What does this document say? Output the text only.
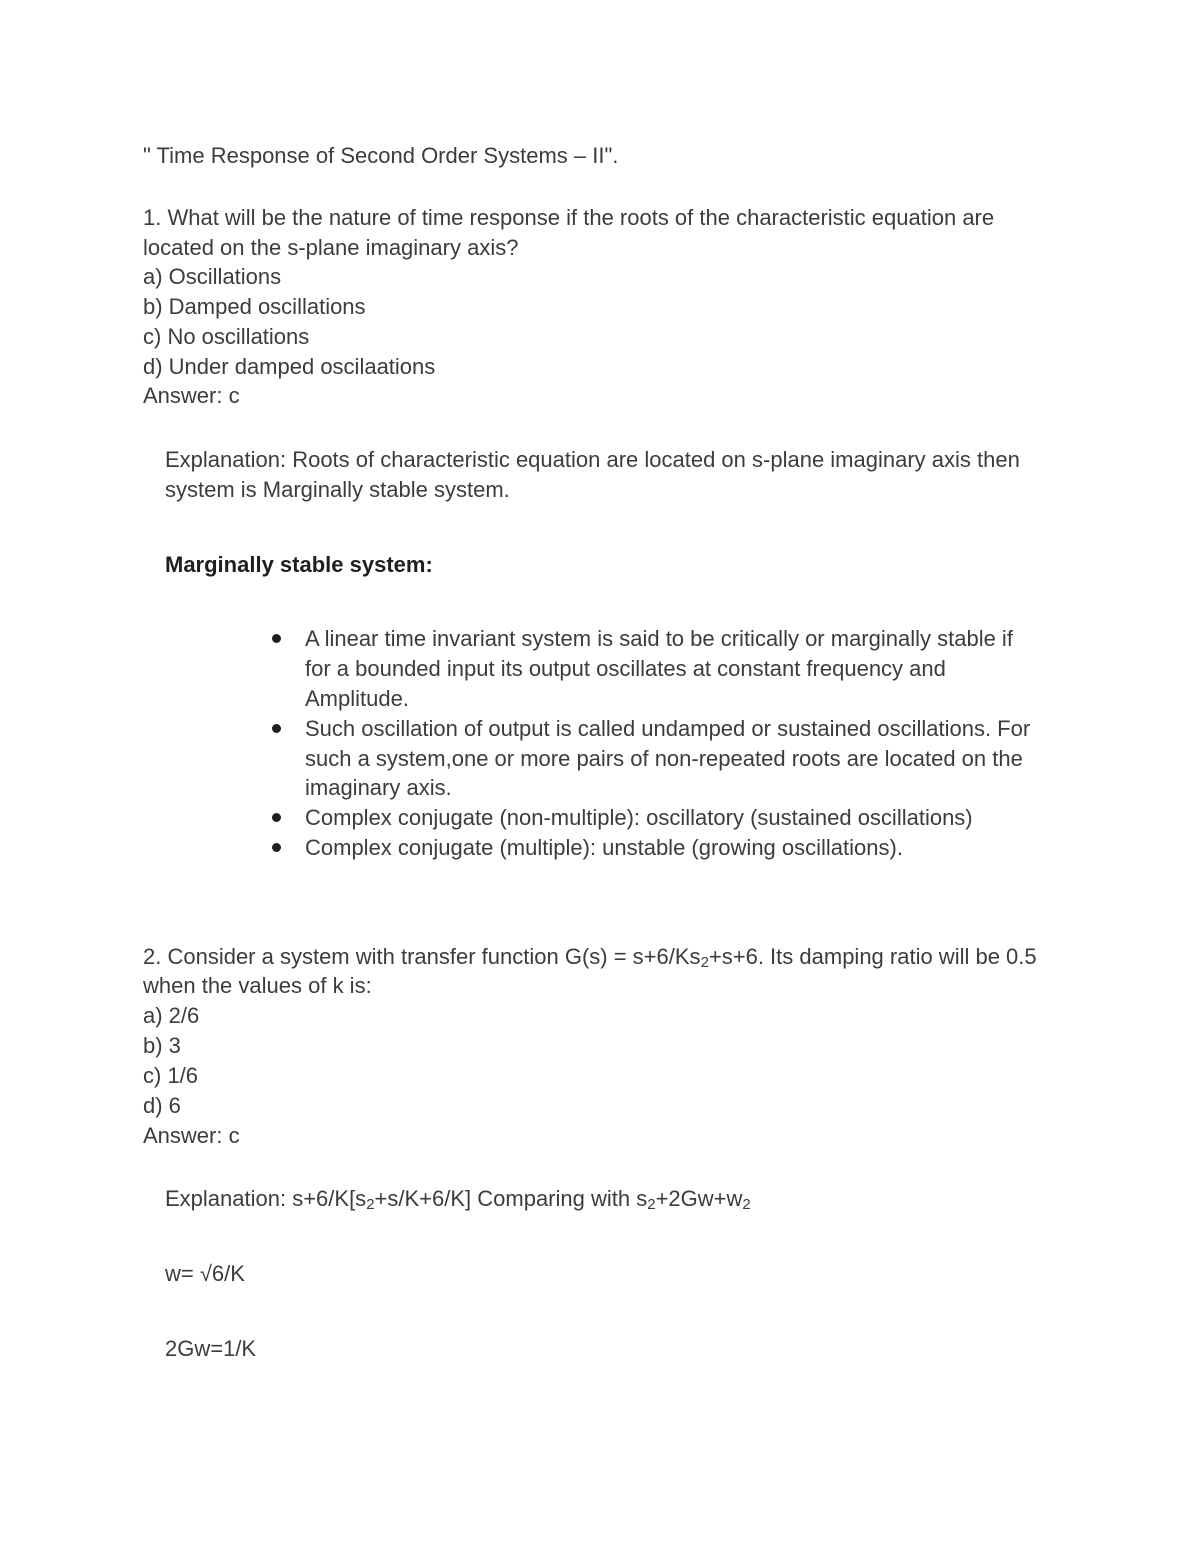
" Time Response of Second Order Systems – II".
1. What will be the nature of time response if the roots of the characteristic equation are
located on the s-plane imaginary axis?
a) Oscillations
b) Damped oscillations
c) No oscillations
d) Under damped oscilaations
Answer: c
Explanation: Roots of characteristic equation are located on s-plane imaginary axis then
system is Marginally stable system.
Marginally stable system:
A linear time invariant system is said to be critically or marginally stable if
for a bounded input its output oscillates at constant frequency and
Amplitude.
Such oscillation of output is called undamped or sustained oscillations. For
such a system,one or more pairs of non-repeated roots are located on the
imaginary axis.
Complex conjugate (non-multiple): oscillatory (sustained oscillations)
Complex conjugate (multiple): unstable (growing oscillations).
2. Consider a system with transfer function G(s) = s+6/Ks2+s+6. Its damping ratio will be 0.5
when the values of k is:
a) 2/6
b) 3
c) 1/6
d) 6
Answer: c
Explanation: s+6/K[s2+s/K+6/K] Comparing with s2+2Gw+w2
w= √6/K
2Gw=1/K
